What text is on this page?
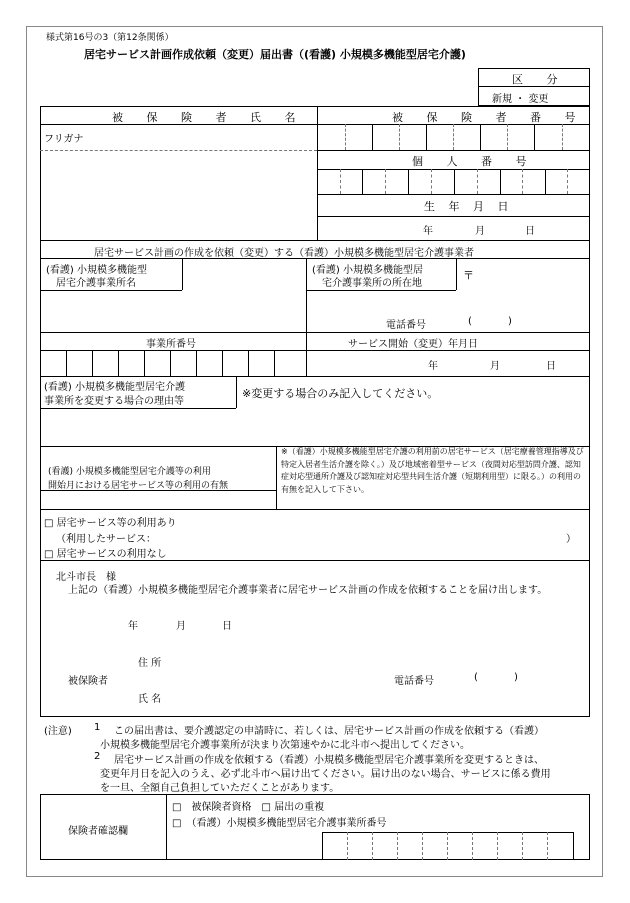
様式第16号の3（第12条関係）
居宅サービス計画作成依頼（変更）届出書（(看護) 小規模多機能型居宅介護)
区 分
新規 ・ 変更
被 保 険 者 氏 名	被 保 険 者 番 号
フリガナ
個 人 番 号
生 年 月 日
年	月	日
居宅サービス計画の作成を依頼（変更）する（看護）小規模多機能型居宅介護事業者
(看護) 小規模多機能型
居宅介護事業所名
(看護) 小規模多機能型居
宅介護事業所の所在地
〒
電話番号	(	)
事業所番号	サービス開始（変更）年月日
年	月	日
(看護) 小規模多機能型居宅介護
事業所を変更する場合の理由等
※変更する場合のみ記入してください。
(看護) 小規模多機能型居宅介護等の利用
開始月における居宅サービス等の利用の有無
※（看護）小規模多機能型居宅介護の利用前の居宅サービス（居宅療養管理指導及び特定入居者生活介護を除く。）及び地域密着型サービス（夜間対応型訪問介護、認知症対応型通所介護及び認知症対応型共同生活介護（短期利用型）に限る。）の利用の有無を記入して下さい。
□ 居宅サービス等の利用あり
（利用したサービス：	）
□ 居宅サービスの利用なし
北斗市長　様
上記の（看護）小規模多機能型居宅介護事業者に居宅サービス計画の作成を依頼することを届け出します。
年	月	日
住 所
被保険者	電話番号	(	)
氏 名
(注意) 1 この届出書は、要介護認定の申請時に、若しくは、居宅サービス計画の作成を依頼する（看護）
小規模多機能型居宅介護事業所が決まり次第速やかに北斗市へ提出してください。
2 居宅サービス計画の作成を依頼する（看護）小規模多機能型居宅介護事業所を変更するときは、
変更年月日を記入のうえ、必ず北斗市へ届け出てください。届け出のない場合、サービスに係る費用
を一旦、全額自己負担していただくことがあります。
保険者確認欄
□　 被保険者資格　 □ 届出の重複
□　 （看護）小規模多機能型居宅介護事業所番号
